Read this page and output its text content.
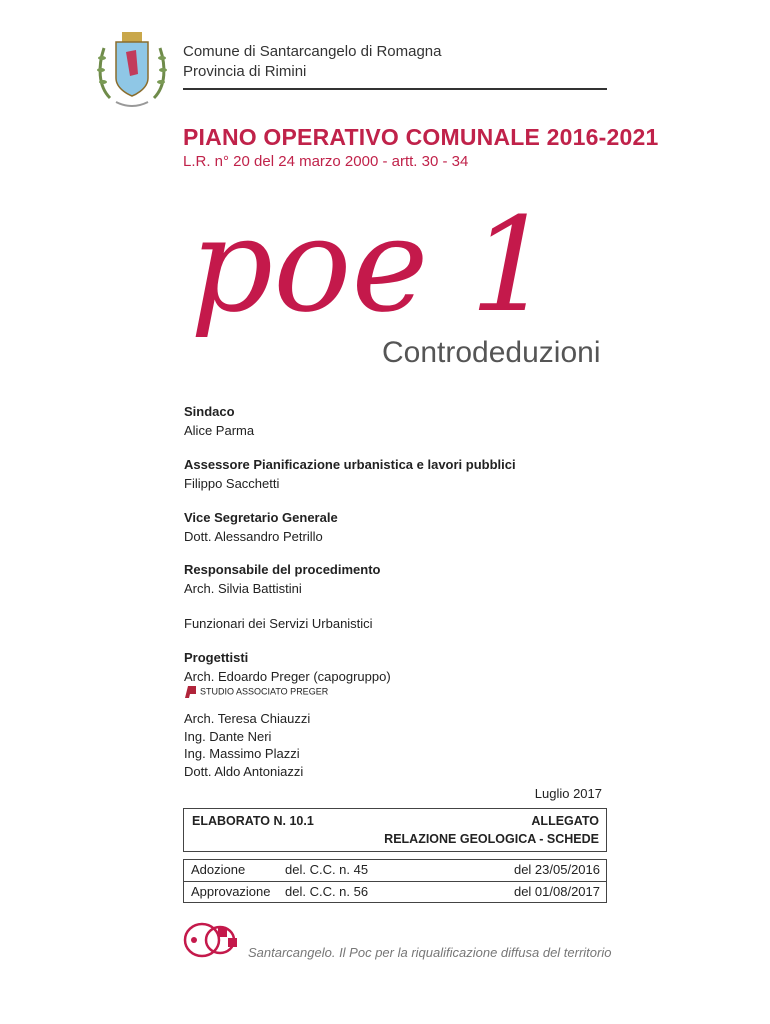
Comune di Santarcangelo di Romagna
Provincia di Rimini
PIANO OPERATIVO COMUNALE 2016-2021
L.R. n° 20 del 24 marzo 2000 - artt. 30 - 34
poe 1
Controdeduzioni
Sindaco
Alice Parma
Assessore Pianificazione urbanistica e lavori pubblici
Filippo Sacchetti
Vice Segretario Generale
Dott. Alessandro Petrillo
Responsabile del procedimento
Arch. Silvia Battistini
Funzionari dei Servizi Urbanistici
Progettisti
Arch. Edoardo Preger (capogruppo)
STUDIO ASSOCIATO PREGER
Arch. Teresa Chiauzzi
Ing. Dante Neri
Ing. Massimo Plazzi
Dott. Aldo Antoniazzi
Luglio 2017
ELABORATO N. 10.1	ALLEGATO
RELAZIONE GEOLOGICA - SCHEDE
Adozione	del. C.C. n. 45	del 23/05/2016
Approvazione del. C.C. n. 56	del 01/08/2017
Santarcangelo. Il Poc per la riqualificazione diffusa del territorio
